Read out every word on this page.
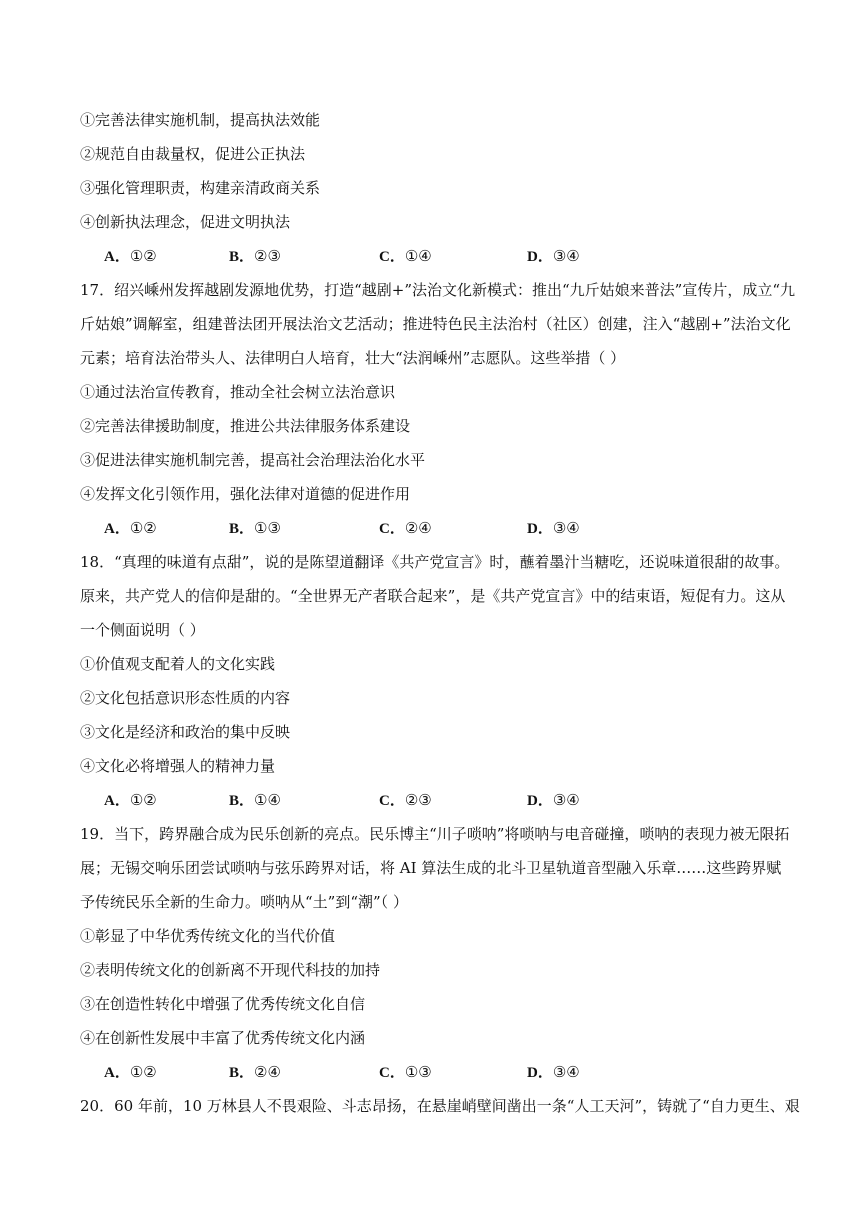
①完善法律实施机制，提高执法效能
②规范自由裁量权，促进公正执法
③强化管理职责，构建亲清政商关系
④创新执法理念，促进文明执法
A．①②	B．②③	C．①④	D．③④
17．绍兴嵊州发挥越剧发源地优势，打造“越剧+”法治文化新模式：推出“九斤姑娘来普法”宣传片，成立“九
斤姑娘”调解室，组建普法团开展法治文艺活动；推进特色民主法治村（社区）创建，注入“越剧+”法治文化
元素；培育法治带头人、法律明白人培育，壮大“法润嵊州”志愿队。这些举措（ ）
①通过法治宣传教育，推动全社会树立法治意识
②完善法律援助制度，推进公共法律服务体系建设
③促进法律实施机制完善，提高社会治理法治化水平
④发挥文化引领作用，强化法律对道德的促进作用
A．①②	B．①③	C．②④	D．③④
18．“真理的味道有点甜”，说的是陈望道翻译《共产党宣言》时，蘸着墨汁当糖吃，还说味道很甜的故事。
原来，共产党人的信仰是甜的。“全世界无产者联合起来”，是《共产党宣言》中的结束语，短促有力。这从
一个侧面说明（ ）
①价值观支配着人的文化实践
②文化包括意识形态性质的内容
③文化是经济和政治的集中反映
④文化必将增强人的精神力量
A．①②	B．①④	C．②③	D．③④
19．当下，跨界融合成为民乐创新的亮点。民乐博主“川子唢呐”将唢呐与电音碰撞，唢呐的表现力被无限拓
展；无锡交响乐团尝试唢呐与弦乐跨界对话，将 AI 算法生成的北斗卫星轨道音型融入乐章……这些跨界赋
予传统民乐全新的生命力。唢呐从“土”到“潮”（ ）
①彰显了中华优秀传统文化的当代价值
②表明传统文化的创新离不开现代科技的加持
③在创造性转化中增强了优秀传统文化自信
④在创新性发展中丰富了优秀传统文化内涵
A．①②	B．②④	C．①③	D．③④
20．60 年前，10 万林县人不畏艰险、斗志昂扬，在悬崖峭壁间凿出一条“人工天河”，铸就了“自力更生、艰
